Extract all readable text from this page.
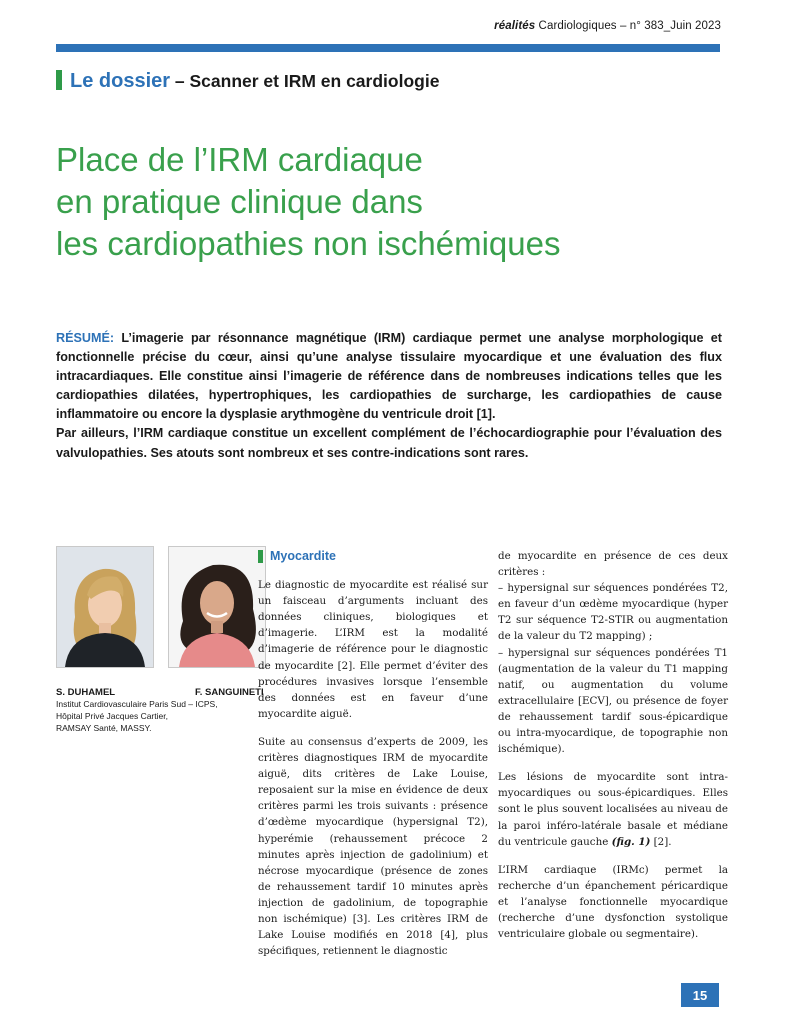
réalités Cardiologiques – n° 383_Juin 2023
Le dossier – Scanner et IRM en cardiologie
Place de l’IRM cardiaque
en pratique clinique dans
les cardiopathies non ischémiques

RÉSUMÉ: L’imagerie par résonnance magnétique (IRM) cardiaque permet une analyse morphologique et fonctionnelle précise du cœur, ainsi qu’une analyse tissulaire myocardique et une évaluation des flux intracardiaques. Elle constitue ainsi l’imagerie de référence dans de nombreuses indications telles que les cardiopathies dilatées, hypertrophiques, les cardiopathies de surcharge, les cardiopathies de cause inflammatoire ou encore la dysplasie arythmogène du ventricule droit [1].

Par ailleurs, l’IRM cardiaque constitue un excellent complément de l’échocardiographie pour l’évaluation des valvulopathies. Ses atouts sont nombreux et ses contre-indications sont rares.

S. DUHAMEL	F. SANGUINETI
Institut Cardiovasculaire Paris Sud – ICPS,
Hôpital Privé Jacques Cartier,
RAMSAY Santé, MASSY.
Myocardite

Le diagnostic de myocardite est réalisé sur un faisceau d’arguments incluant des données cliniques, biologiques et d’imagerie. L’IRM est la modalité d’imagerie de référence pour le diagnostic de myocardite [2]. Elle permet d’éviter des procédures invasives lorsque l’ensemble des données est en faveur d’une myocardite aiguë.

Suite au consensus d’experts de 2009, les critères diagnostiques IRM de myocardite aiguë, dits critères de Lake Louise, reposaient sur la mise en évidence de deux critères parmi les trois suivants : présence d’œdème myocardique (hypersignal T2), hyperémie (rehaussement précoce 2 minutes après injection de gadolinium) et nécrose myocardique (présence de zones de rehaussement tardif 10 minutes après injection de gadolinium, de topographie non ischémique) [3]. Les critères IRM de Lake Louise modifiés en 2018 [4], plus spécifiques, retiennent le diagnostic

de myocardite en présence de ces deux critères :

– hypersignal sur séquences pondérées T2, en faveur d’un œdème myocardique (hyper T2 sur séquence T2-STIR ou augmentation de la valeur du T2 mapping) ;

– hypersignal sur séquences pondérées T1 (augmentation de la valeur du T1 mapping natif, ou augmentation du volume extracellulaire [ECV], ou présence de foyer de rehaussement tardif sous-épicardique ou intra-myocardique, de topographie non ischémique).

Les lésions de myocardite sont intra-myocardiques ou sous-épicardiques. Elles sont le plus souvent localisées au niveau de la paroi inféro-latérale basale et médiane du ventricule gauche (fig. 1) [2].

L’IRM cardiaque (IRMc) permet la recherche d’un épanchement péricardique et l’analyse fonctionnelle myocardique (recherche d’une dysfonction systolique ventriculaire globale ou segmentaire).

15
